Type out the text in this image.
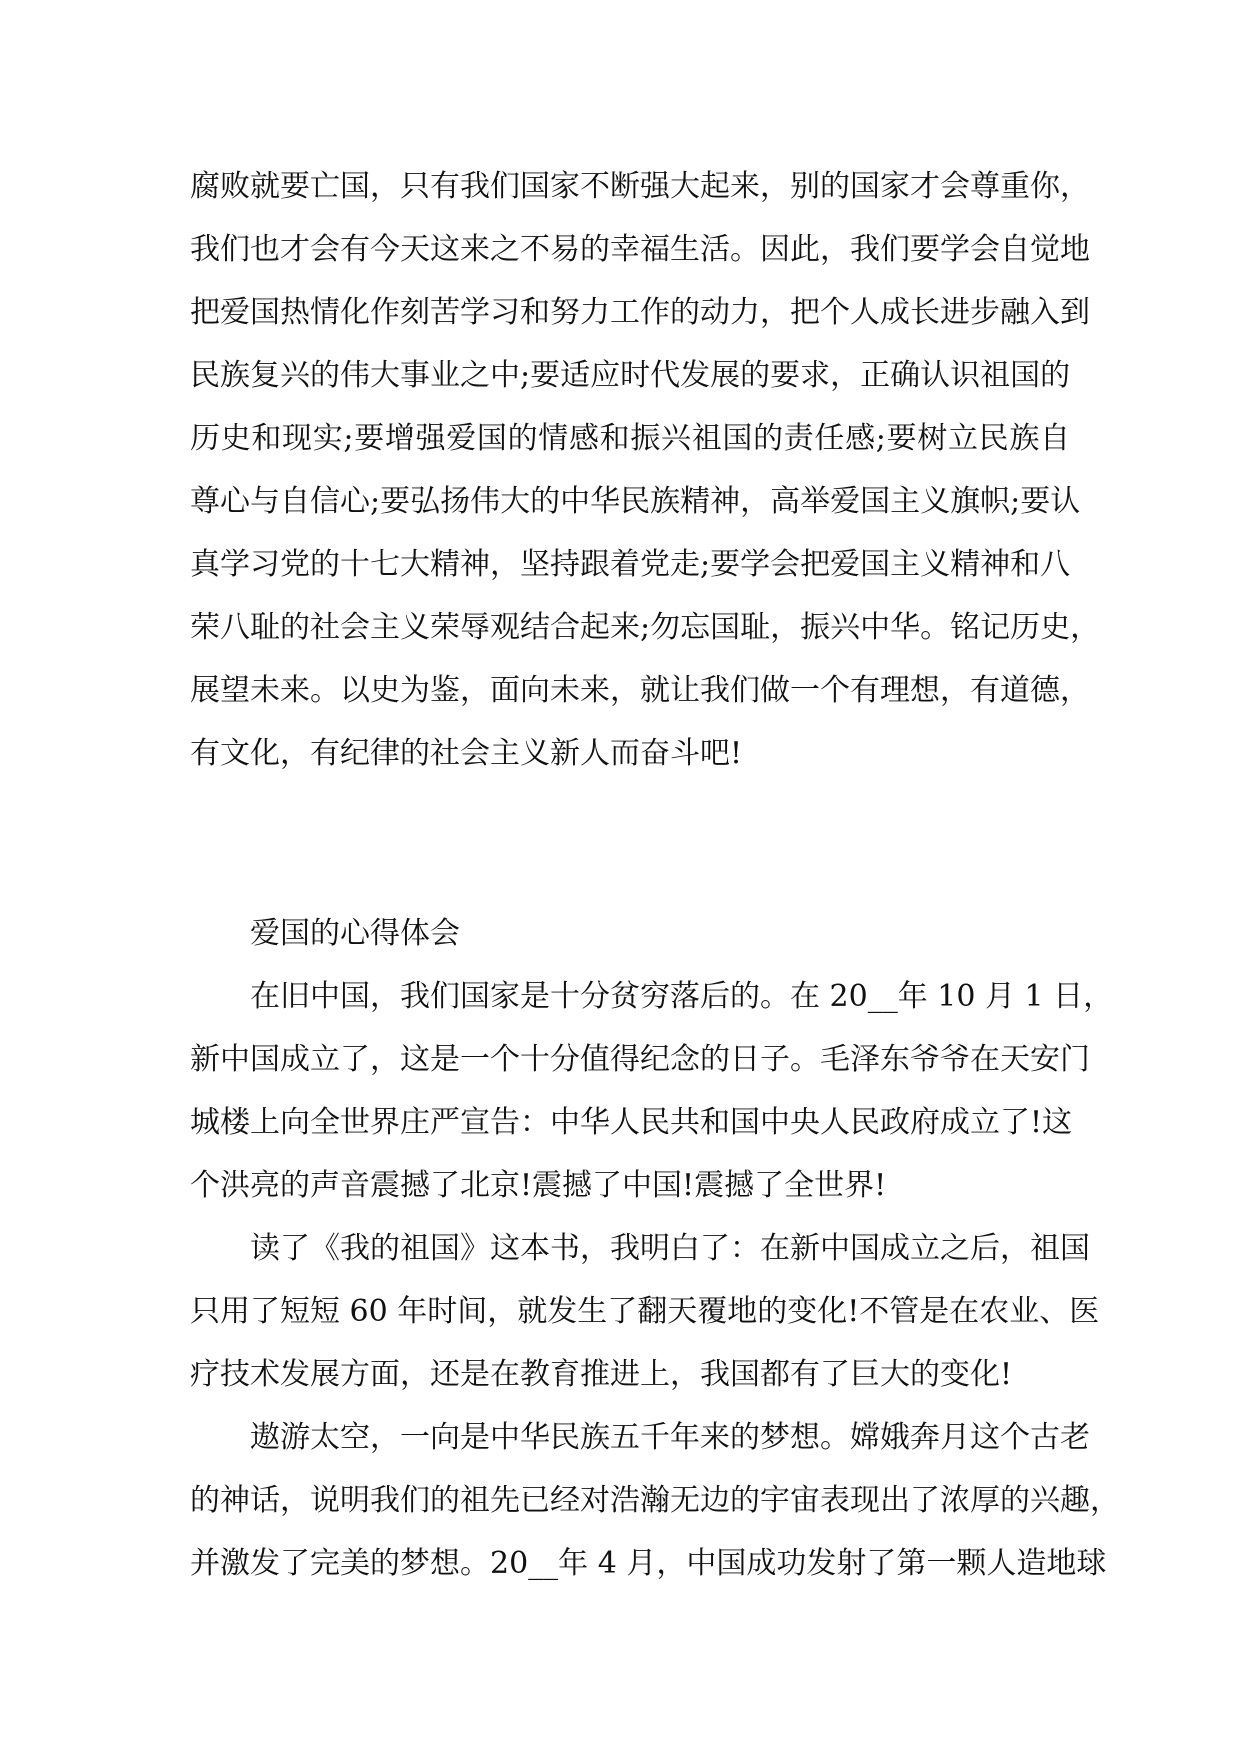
腐败就要亡国，只有我们国家不断强大起来，别的国家才会尊重你，
我们也才会有今天这来之不易的幸福生活。因此，我们要学会自觉地
把爱国热情化作刻苦学习和努力工作的动力，把个人成长进步融入到
民族复兴的伟大事业之中;要适应时代发展的要求，正确认识祖国的
历史和现实;要增强爱国的情感和振兴祖国的责任感;要树立民族自
尊心与自信心;要弘扬伟大的中华民族精神，高举爱国主义旗帜;要认
真学习党的十七大精神，坚持跟着党走;要学会把爱国主义精神和八
荣八耻的社会主义荣辱观结合起来;勿忘国耻，振兴中华。铭记历史，
展望未来。以史为鉴，面向未来，就让我们做一个有理想，有道德，
有文化，有纪律的社会主义新人而奋斗吧!
爱国的心得体会
在旧中国，我们国家是十分贫穷落后的。在 20__年 10 月 1 日，
新中国成立了，这是一个十分值得纪念的日子。毛泽东爷爷在天安门
城楼上向全世界庄严宣告：中华人民共和国中央人民政府成立了!这
个洪亮的声音震撼了北京!震撼了中国!震撼了全世界!
读了《我的祖国》这本书，我明白了：在新中国成立之后，祖国
只用了短短 60 年时间，就发生了翻天覆地的变化!不管是在农业、医
疗技术发展方面，还是在教育推进上，我国都有了巨大的变化!
遨游太空，一向是中华民族五千年来的梦想。嫦娥奔月这个古老
的神话，说明我们的祖先已经对浩瀚无边的宇宙表现出了浓厚的兴趣，
并激发了完美的梦想。20__年 4 月，中国成功发射了第一颗人造地球
